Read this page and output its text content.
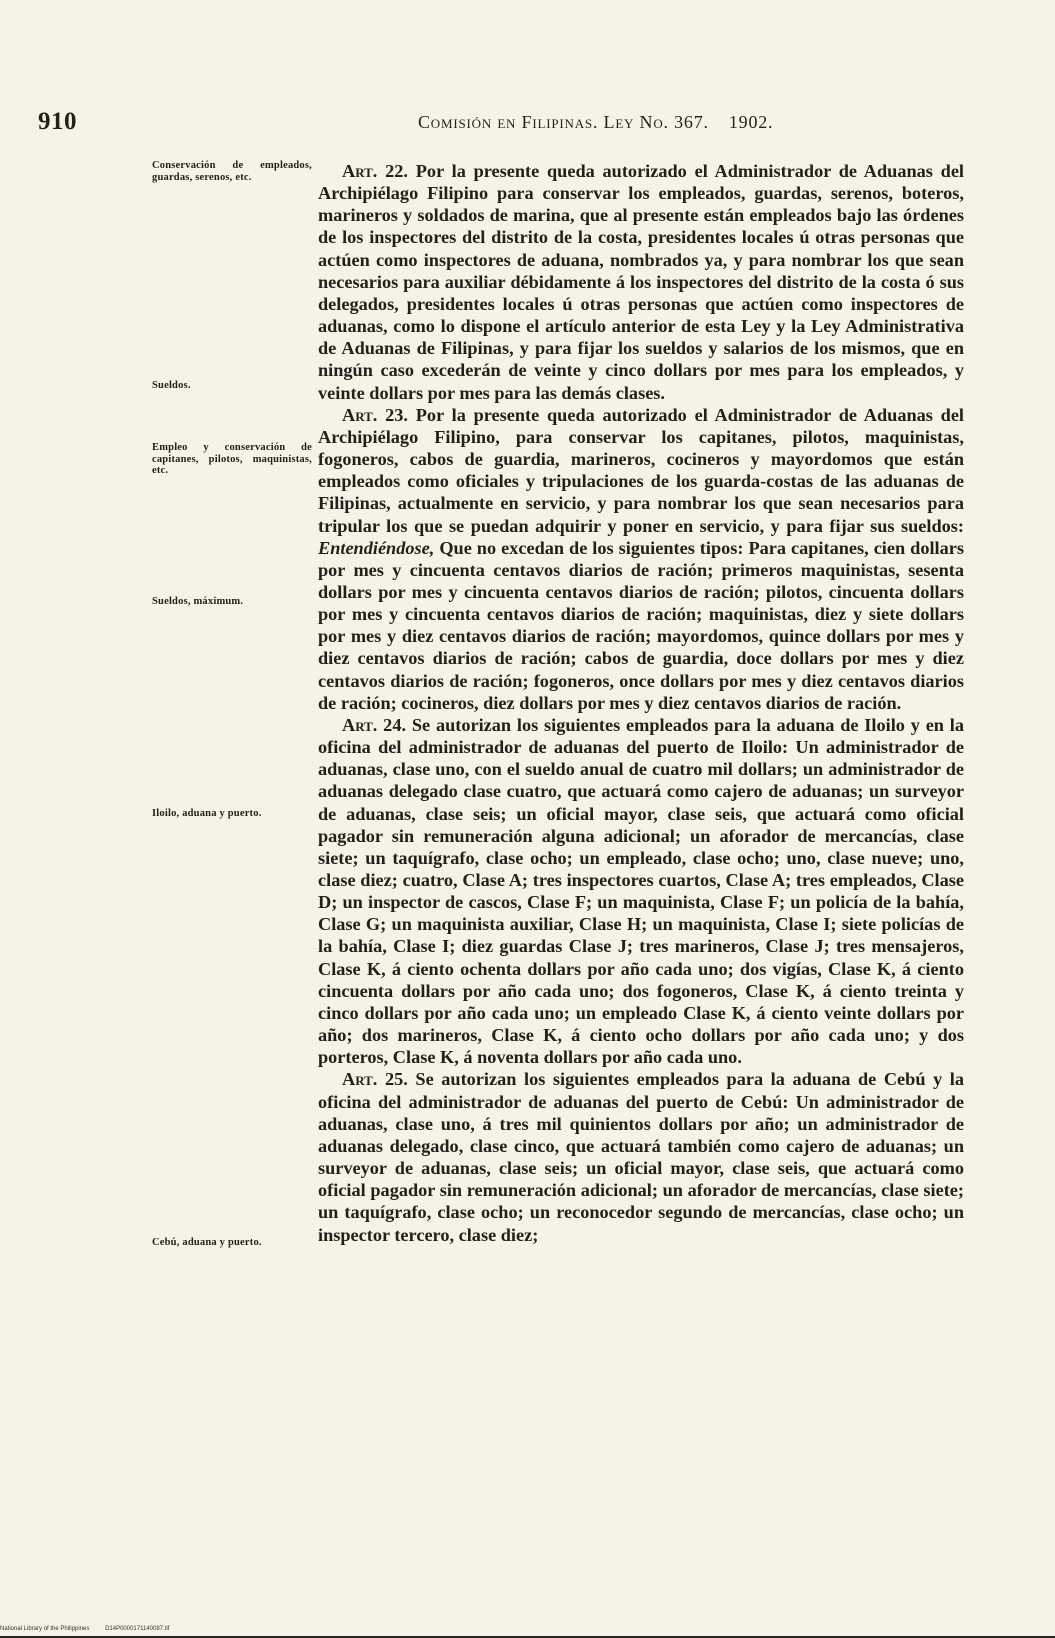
910	Comisión en Filipinas. Ley No. 367. 1902.
Conservación de empleados, guardas, serenos, etc.
Sueldos.
Empleo y conservación de capitanes, pilotos, maquinistas, etc.
Sueldos, máximum.
Iloilo, aduana y puerto.
Cebú, aduana y puerto.

Art. 22. Por la presente queda autorizado el Administrador de Aduanas del Archipiélago Filipino para conservar los empleados, guardas, serenos, boteros, marineros y soldados de marina, que al presente están empleados bajo las órdenes de los inspectores del distrito de la costa, presidentes locales ú otras personas que actúen como inspectores de aduana, nombrados ya, y para nombrar los que sean necesarios para auxiliar débidamente á los inspectores del distrito de la costa ó sus delegados, presidentes locales ú otras personas que actúen como inspectores de aduanas, como lo dispone el artículo anterior de esta Ley y la Ley Administrativa de Aduanas de Filipinas, y para fijar los sueldos y salarios de los mismos, que en ningún caso excederán de veinte y cinco dollars por mes para los empleados, y veinte dollars por mes para las demás clases.

Art. 23. Por la presente queda autorizado el Administrador de Aduanas del Archipiélago Filipino, para conservar los capitanes, pilotos, maquinistas, fogoneros, cabos de guardia, marineros, cocineros y mayordomos que están empleados como oficiales y tripulaciones de los guarda-costas de las aduanas de Filipinas, actualmente en servicio, y para nombrar los que sean necesarios para tripular los que se puedan adquirir y poner en servicio, y para fijar sus sueldos: Entendiéndose, Que no excedan de los siguientes tipos: Para capitanes, cien dollars por mes y cincuenta centavos diarios de ración; primeros maquinistas, sesenta dollars por mes y cincuenta centavos diarios de ración; pilotos, cincuenta dollars por mes y cincuenta centavos diarios de ración; maquinistas, diez y siete dollars por mes y diez centavos diarios de ración; mayordomos, quince dollars por mes y diez centavos diarios de ración; cabos de guardia, doce dollars por mes y diez centavos diarios de ración; fogoneros, once dollars por mes y diez centavos diarios de ración; cocineros, diez dollars por mes y diez centavos diarios de ración.

Art. 24. Se autorizan los siguientes empleados para la aduana de Iloilo y en la oficina del administrador de aduanas del puerto de Iloilo: Un administrador de aduanas, clase uno, con el sueldo anual de cuatro mil dollars; un administrador de aduanas delegado clase cuatro, que actuará como cajero de aduanas; un surveyor de aduanas, clase seis; un oficial mayor, clase seis, que actuará como oficial pagador sin remuneración alguna adicional; un aforador de mercancías, clase siete; un taquígrafo, clase ocho; un empleado, clase ocho; uno, clase nueve; uno, clase diez; cuatro, Clase A; tres inspectores cuartos, Clase A; tres empleados, Clase D; un inspector de cascos, Clase F; un maquinista, Clase F; un policía de la bahía, Clase G; un maquinista auxiliar, Clase H; un maquinista, Clase I; siete policías de la bahía, Clase I; diez guardas Clase J; tres marineros, Clase J; tres mensajeros, Clase K, á ciento ochenta dollars por año cada uno; dos vigías, Clase K, á ciento cincuenta dollars por año cada uno; dos fogoneros, Clase K, á ciento treinta y cinco dollars por año cada uno; un empleado Clase K, á ciento veinte dollars por año; dos marineros, Clase K, á ciento ocho dollars por año cada uno; y dos porteros, Clase K, á noventa dollars por año cada uno.

Art. 25. Se autorizan los siguientes empleados para la aduana de Cebú y la oficina del administrador de aduanas del puerto de Cebú: Un administrador de aduanas, clase uno, á tres mil quinientos dollars por año; un administrador de aduanas delegado, clase cinco, que actuará también como cajero de aduanas; un surveyor de aduanas, clase seis; un oficial mayor, clase seis, que actuará como oficial pagador sin remuneración adicional; un aforador de mercancías, clase siete; un taquígrafo, clase ocho; un reconocedor segundo de mercancías, clase ocho; un inspector tercero, clase diez;

National Library of the Philippines	D14P0000171140087.tif
